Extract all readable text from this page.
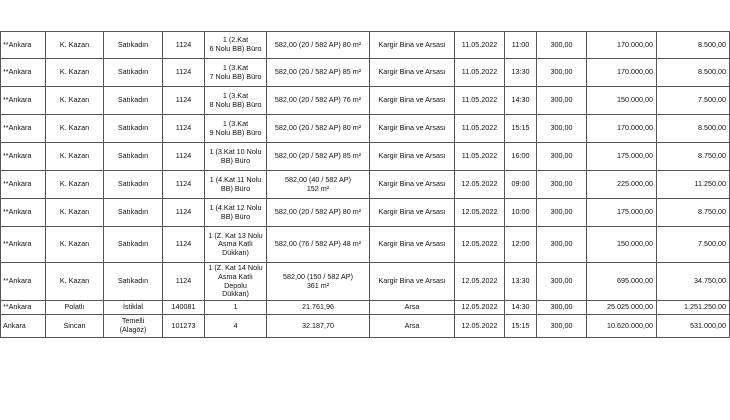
**Ankara	K. Kazan	Satıkadın	1124	1 (2.Kat
6 Nolu BB) Büro	582,00 (20 / 582 AP) 80 m²	Kargir Bina ve Arsası	11.05.2022	11:00	300,00	170.000,00	8.500,00

**Ankara	K. Kazan	Satıkadın	1124	1 (3.Kat
7 Nolu BB) Büro	582,00 (20 / 582 AP) 85 m²	Kargir Bina ve Arsası	11.05.2022	13:30	300,00	170.000,00	8.500,00

**Ankara	K. Kazan	Satıkadın	1124	1 (3.Kat
8 Nolu BB) Büro	582,00 (20 / 582 AP) 76 m²	Kargir Bina ve Arsası	11.05.2022	14:30	300,00	150.000,00	7.500,00

**Ankara	K. Kazan	Satıkadın	1124	1 (3.Kat
9 Nolu BB) Büro	582,00 (20 / 582 AP) 80 m²	Kargir Bina ve Arsası	11.05.2022	15:15	300,00	170.000,00	8.500,00

**Ankara	K. Kazan	Satıkadın	1124	1 (3.Kat 10 Nolu
BB) Büro	582,00 (20 / 582 AP) 85 m²	Kargir Bina ve Arsası	11.05.2022	16:00	300,00	175.000,00	8.750,00

**Ankara	K. Kazan	Satıkadın	1124	1 (4.Kat 11 Nolu
BB) Büro	582,00 (40 / 582 AP)
152 m²	Kargir Bina ve Arsası	12.05.2022	09:00	300,00	225.000,00	11.250,00

**Ankara	K. Kazan	Satıkadın	1124	1 (4.Kat 12 Nolu
BB) Büro	582,00 (20 / 582 AP) 80 m²	Kargir Bina ve Arsası	12.05.2022	10:00	300,00	175.000,00	8.750,00

**Ankara	K. Kazan	Satıkadın	1124	1 (Z. Kat 13 Nolu
Asma Katlı
Dükkan)	582,00 (76 / 582 AP) 48 m²	Kargir Bina ve Arsası	12.05.2022	12:00	300,00	150.000,00	7.500,00

**Ankara	K. Kazan	Satıkadın	1124	1 (Z. Kat 14 Nolu
Asma Katlı Depolu
Dükkan)	582,00 (150 / 582 AP)
361 m²	Kargir Bina ve Arsası	12.05.2022	13:30	300,00	695.000,00	34.750,00

**Ankara	Polatlı	İstiklal	140081	1	21.761,96	Arsa	12.05.2022	14:30	300,00	25.025.000,00	1.251.250,00

Ankara	Sincan	Temelli
(Alagöz)	101273	4	32.187,70	Arsa	12.05.2022	15:15	300,00	10.620.000,00	531.000,00
